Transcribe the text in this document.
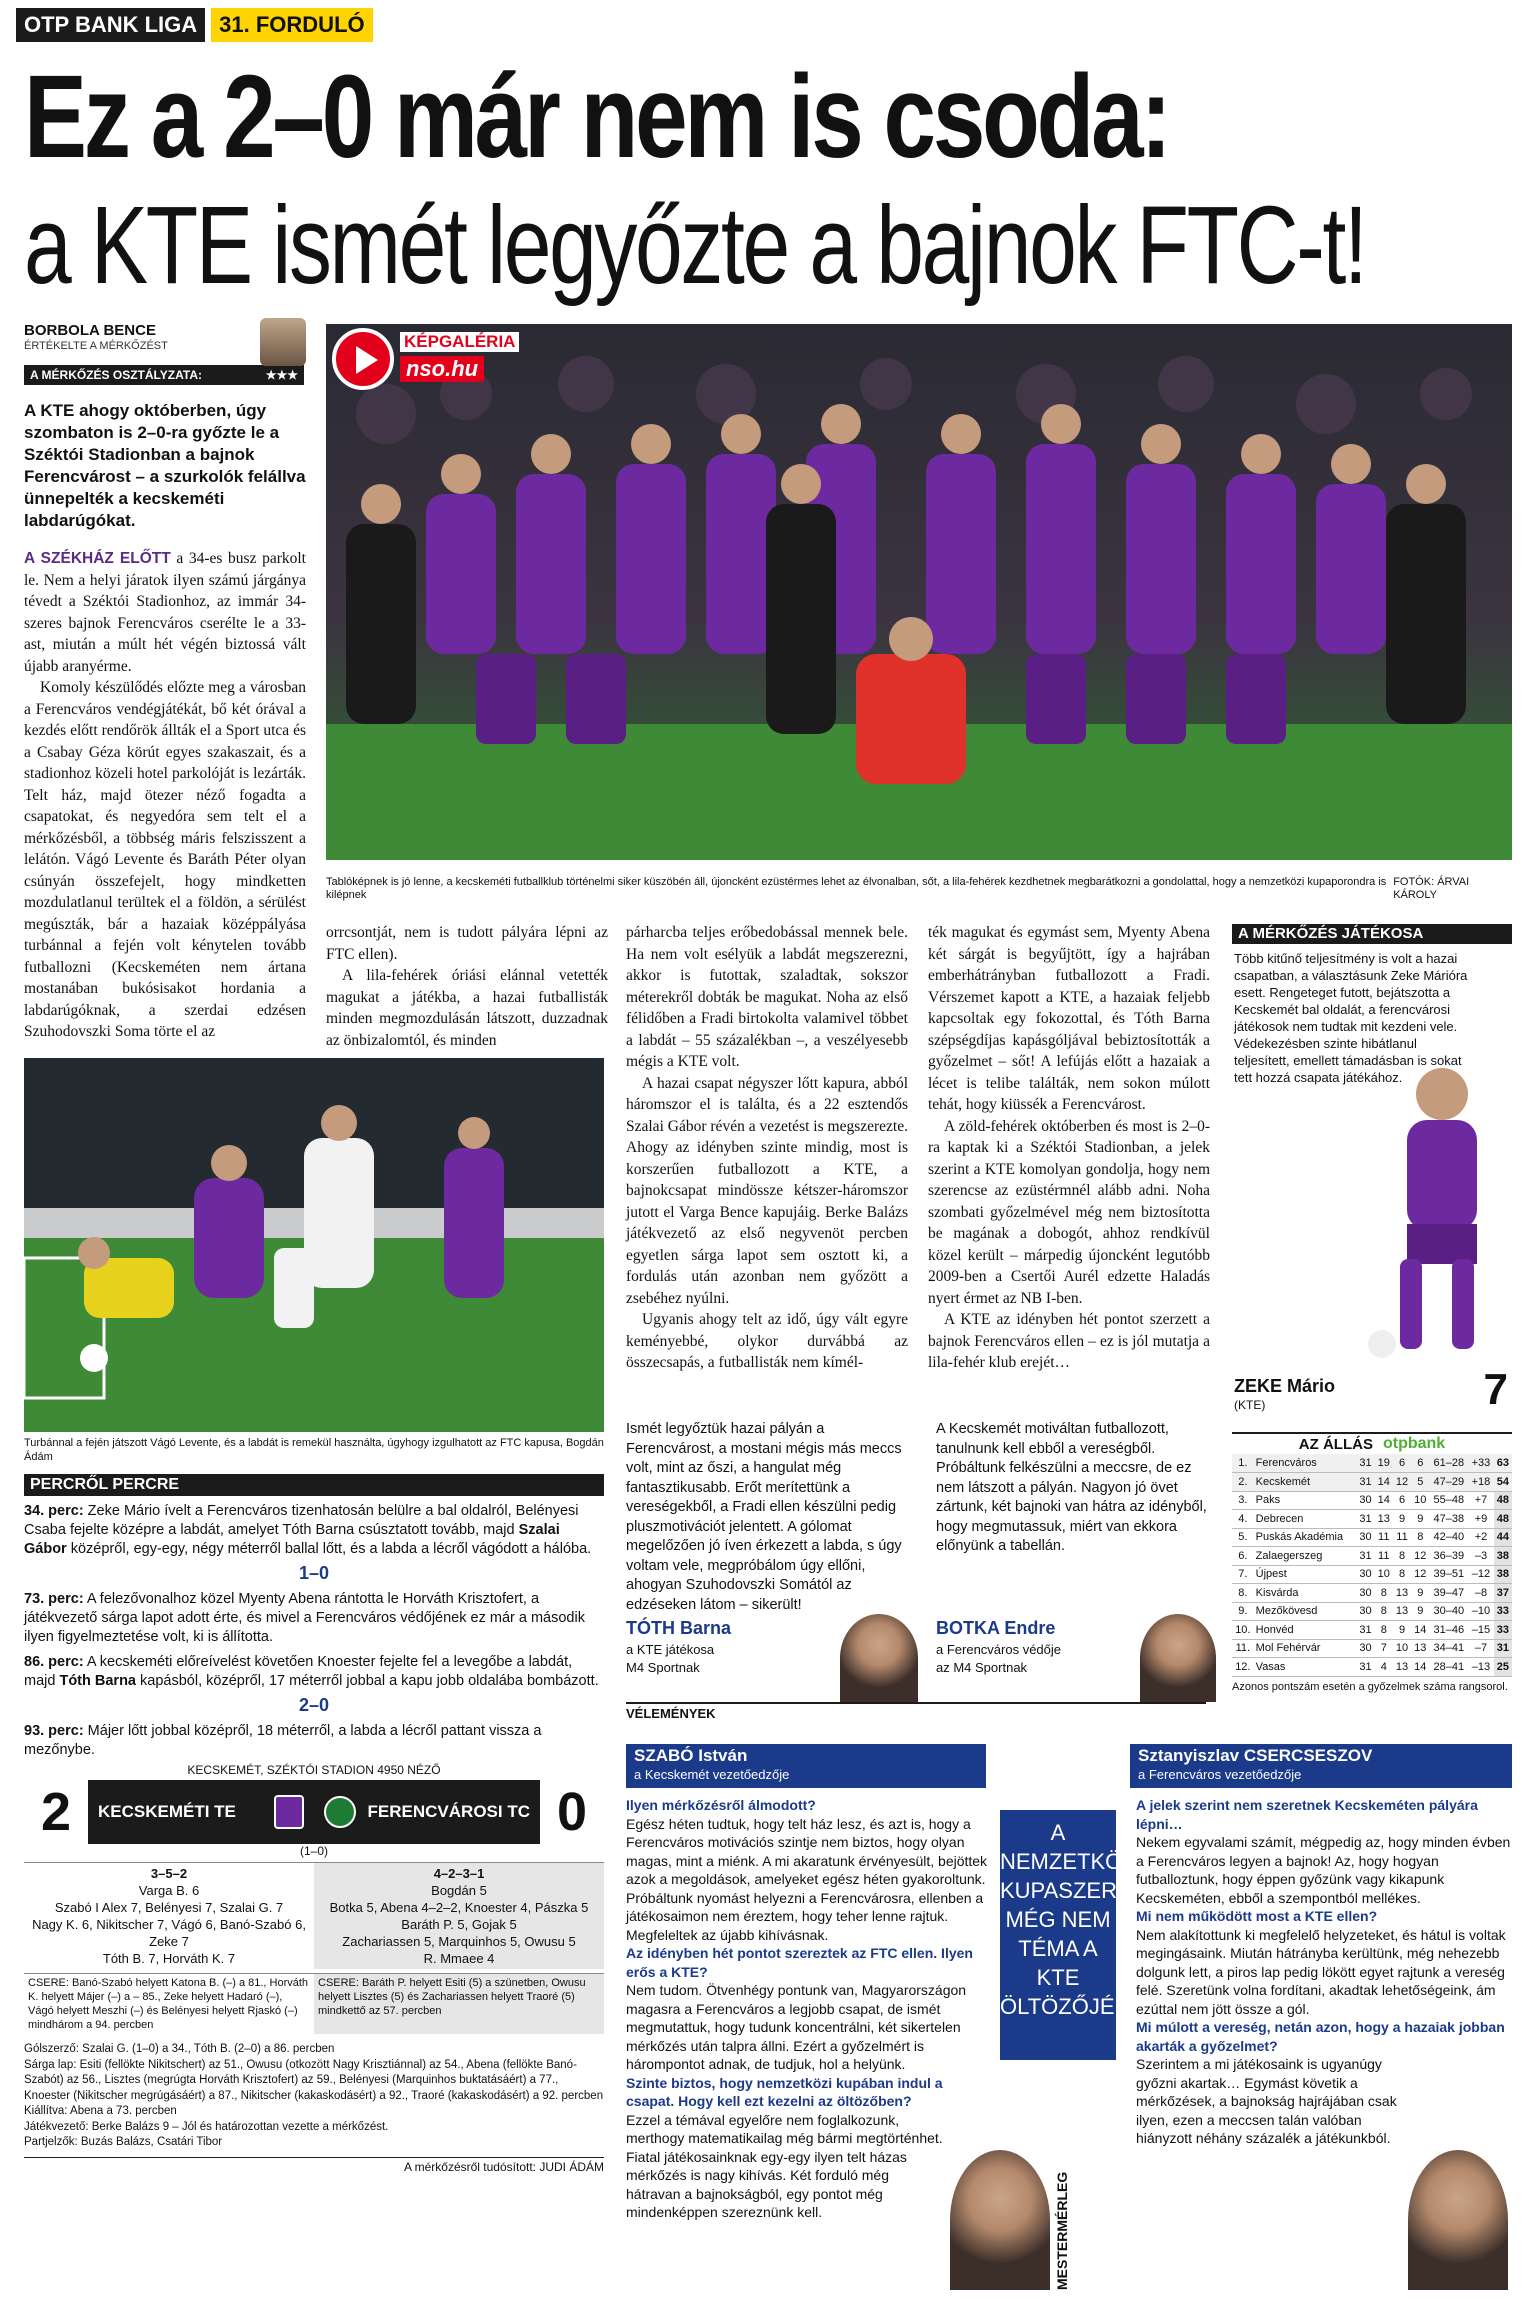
OTP BANK LIGA	31. FORDULÓ
Ez a 2–0 már nem is csoda:
a KTE ismét legyőzte a bajnok FTC-t!
BORBOLA BENCE
ÉRTÉKELTE A MÉRKŐZÉST
A MÉRKŐZÉS OSZTÁLYZATA:	★★★
A KTE ahogy októberben, úgy szombaton is 2–0-ra győzte le a Széktói Stadionban a bajnok Ferencvárost – a szurkolók felállva ünnepelték a kecskeméti labdarúgókat.

A SZÉKHÁZ ELŐTT a 34-es busz parkolt le. Nem a helyi járatok ilyen számú járgánya tévedt a Széktói Stadionhoz, az immár 34-szeres bajnok Ferencváros cserélte le a 33-ast, miután a múlt hét végén biztossá vált újabb aranyérme.

Komoly készülődés előzte meg a városban a Ferencváros vendégjátékát, bő két órával a kezdés előtt rendőrök állták el a Sport utca és a Csabay Géza körút egyes szakaszait, és a stadionhoz közeli hotel parkolóját is lezárták. Telt ház, majd ötezer néző fogadta a csapatokat, és negyedóra sem telt el a mérkőzésből, a többség máris felszisszent a lelátón. Vágó Levente és Baráth Péter olyan csúnyán összefejelt, hogy mindketten mozdulatlanul terültek el a földön, a sérülést megúszták, bár a hazaiak középpályása turbánnal a fején volt kénytelen tovább futballozni (Kecskeméten nem ártana mostanában bukósisakot hordania a labdarúgóknak, a szerdai edzésen Szuhodovszki Soma törte el az

KÉPGALÉRIA
nso.hu
Tablóképnek is jó lenne, a kecskeméti futballklub történelmi siker küszöbén áll, újoncként ezüstérmes lehet az élvonalban, sőt, a lila-fehérek kezdhetnek megbarátkozni a gondolattal, hogy a nemzetközi kupaporondra is kilépnek
FOTÓK: ÁRVAI KÁROLY

orrcsontját, nem is tudott pályára lépni az FTC ellen).

A lila-fehérek óriási elánnal vetették magukat a játékba, a hazai futballisták minden megmozdulásán látszott, duzzadnak az önbizalomtól, és minden

párharcba teljes erőbedobással mennek bele. Ha nem volt esélyük a labdát megszerezni, akkor is futottak, szaladtak, sokszor méterekről dobták be magukat. Noha az első félidőben a Fradi birtokolta valamivel többet a labdát – 55 százalékban –, a veszélyesebb mégis a KTE volt.

A hazai csapat négyszer lőtt kapura, abból háromszor el is találta, és a 22 esztendős Szalai Gábor révén a vezetést is megszerezte. Ahogy az idényben szinte mindig, most is korszerűen futballozott a KTE, a bajnokcsapat mindössze kétszer-háromszor jutott el Varga Bence kapujáig. Berke Balázs játékvezető az első negyvenöt percben egyetlen sárga lapot sem osztott ki, a fordulás után azonban nem győzött a zsebéhez nyúlni.

Ugyanis ahogy telt az idő, úgy vált egyre keményebbé, olykor durvábbá az összecsapás, a futballisták nem kímél-

ték magukat és egymást sem, Myenty Abena két sárgát is begyűjtött, így a hajrában emberhátrányban futballozott a Fradi. Vérszemet kapott a KTE, a hazaiak feljebb kapcsoltak egy fokozottal, és Tóth Barna szépségdíjas kapásgóljával bebiztosították a győzelmet – sőt! A lefújás előtt a hazaiak a lécet is telibe találták, nem sokon múlott tehát, hogy kiüssék a Ferencvárost.

A zöld-fehérek októberben és most is 2–0-ra kaptak ki a Széktói Stadionban, a jelek szerint a KTE komolyan gondolja, hogy nem szerencse az ezüstérmnél alább adni. Noha szombati győzelmével még nem biztosította be magának a dobogót, ahhoz rendkívül közel került – márpedig újoncként legutóbb 2009-ben a Csertői Aurél edzette Haladás nyert érmet az NB I-ben.

A KTE az idényben hét pontot szerzett a bajnok Ferencváros ellen – ez is jól mutatja a lila-fehér klub erejét…

Turbánnal a fején játszott Vágó Levente, és a labdát is remekül használta, úgyhogy izgulhatott az FTC kapusa, Bogdán Ádám
A MÉRKŐZÉS JÁTÉKOSA
Több kitűnő teljesítmény is volt a hazai csapatban, a választásunk Zeke Márióra esett. Rengeteget futott, bejátszotta a Kecskemét bal oldalát, a ferencvárosi játékosok nem tudtak mit kezdeni vele. Védekezésben szinte hibátlanul teljesített, emellett támadásban is sokat tett hozzá csapata játékához.
ZEKE Mário
(KTE)	7
AZ ÁLLÁS otpbank
1.	Ferencváros	31	19	6	6	61–28	+33	63
2.	Kecskemét	31	14	12	5	47–29	+18	54
3.	Paks	30	14	6	10	55–48	+7	48
4.	Debrecen	31	13	9	9	47–38	+9	48
5.	Puskás Akadémia	30	11	11	8	42–40	+2	44
6.	Zalaegerszeg	31	11	8	12	36–39	–3	38
7.	Újpest	30	10	8	12	39–51	–12	38
8.	Kisvárda	30	8	13	9	39–47	–8	37
9.	Mezőkövesd	30	8	13	9	30–40	–10	33
10.	Honvéd	31	8	9	14	31–46	–15	33
11.	Mol Fehérvár	30	7	10	13	34–41	–7	31
12.	Vasas	31	4	13	14	28–41	–13	25
Azonos pontszám esetén a győzelmek száma rangsorol.
Ismét legyőztük hazai pályán a Ferencvárost, a mostani mégis más meccs volt, mint az őszi, a hangulat még fantasztikusabb. Erőt merítettünk a vereségekből, a Fradi ellen készülni pedig pluszmotivációt jelentett. A gólomat megelőzően jó íven érkezett a labda, s úgy voltam vele, megpróbálom úgy ellőni, ahogyan Szuhodovszki Somától az edzéseken látom – sikerült!
TÓTH Barna
a KTE játékosa
M4 Sportnak
A Kecskemét motiváltan futballozott, tanulnunk kell ebből a vereségből. Próbáltunk felkészülni a meccsre, de ez nem látszott a pályán. Nagyon jó övet zártunk, két bajnoki van hátra az idényből, hogy megmutassuk, miért van ekkora előnyünk a tabellán.
BOTKA Endre
a Ferencváros védője
az M4 Sportnak
VÉLEMÉNYEK
PERCRŐL PERCRE

34. perc: Zeke Mário ívelt a Ferencváros tizenhatosán belülre a bal oldalról, Belényesi Csaba fejelte középre a labdát, amelyet Tóth Barna csúsztatott tovább, majd Szalai Gábor középről, egy-egy, négy méterről ballal lőtt, és a labda a lécről vágódott a hálóba.

1–0

73. perc: A felezővonalhoz közel Myenty Abena rántotta le Horváth Krisztofert, a játékvezető sárga lapot adott érte, és mivel a Ferencváros védőjének ez már a második ilyen figyelmeztetése volt, ki is állította.

86. perc: A kecskeméti előreívelést követően Knoester fejelte fel a levegőbe a labdát, majd Tóth Barna kapásból, középről, 17 méterről jobbal a kapu jobb oldalába bombázott.

2–0

93. perc: Májer lőtt jobbal középről, 18 méterről, a labda a lécről pattant vissza a mezőnybe.

KECSKEMÉT, SZÉKTÓI STADION 4950 NÉZŐ
2	KECSKEMÉTI TE	FERENCVÁROSI TC 0
(1–0)
3–5–2
Varga B. 6
Szabó I Alex 7, Belényesi 7, Szalai G. 7
Nagy K. 6, Nikitscher 7, Vágó 6, Banó-Szabó 6,
Zeke 7
Tóth B. 7, Horváth K. 7
4–2–3–1
Bogdán 5
Botka 5, Abena 4–2–2, Knoester 4, Pászka 5
Baráth P. 5, Gojak 5
Zachariassen 5, Marquinhos 5, Owusu 5
R. Mmaee 4
CSERE: Banó-Szabó helyett Katona B. (–) a 81., Horváth K. helyett Májer (–) a – 85., Zeke helyett Hadaró (–), Vágó helyett Meszhi (–) és Belényesi helyett Rjaskó (–) mindhárom a 94. percben
CSERE: Baráth P. helyett Esiti (5) a szünetben, Owusu helyett Lisztes (5) és Zachariassen helyett Traoré (5) mindkettő az 57. percben
Gólszerző: Szalai G. (1–0) a 34., Tóth B. (2–0) a 86. percben
Sárga lap: Esiti (fellökte Nikitschert) az 51., Owusu (otkozött Nagy Krisztiánnal) az 54., Abena (fellökte Banó-Szabót) az 56., Lisztes (megrúgta Horváth Krisztofert) az 59., Belényesi (Marquinhos buktatásáért) a 77., Knoester (Nikitscher megrúgásáért) a 87., Nikitscher (kakaskodásért) a 92., Traoré (kakaskodásért) a 92. percben
Kiállítva: Abena a 73. percben
Játékvezető: Berke Balázs 9 – Jól és határozottan vezette a mérkőzést.
Partjelzők: Buzás Balázs, Csatári Tibor
A mérkőzésről tudósított: JUDI ÁDÁM
SZABÓ István
a Kecskemét vezetőedzője
Ilyen mérkőzésről álmodott?
Egész héten tudtuk, hogy telt ház lesz, és azt is, hogy a Ferencváros motivációs szintje nem biztos, hogy olyan magas, mint a miénk. A mi akaratunk érvényesült, bejöttek azok a megoldások, amelyeket egész héten gyakoroltunk. Próbáltunk nyomást helyezni a Ferencvárosra, ellenben a játékosaimon nem éreztem, hogy teher lenne rajtuk. Megfeleltek az újabb kihívásnak.
Az idényben hét pontot szereztek az FTC ellen. Ilyen erős a KTE?
Nem tudom. Ötvenhégy pontunk van, Magyarországon magasra a Ferencváros a legjobb csapat, de ismét megmutattuk, hogy tudunk koncentrálni, két sikertelen mérkőzés után talpra állni. Ezért a győzelmért is hárompontot adnak, de tudjuk, hol a helyünk.
Szinte biztos, hogy nemzetközi kupában indul a csapat. Hogy kell ezt kezelni az öltözőben?
Ezzel a témával egyelőre nem foglalkozunk, merthogy matematikailag még bármi megtörténhet. Fiatal játékosainknak egy-egy ilyen telt házas mérkőzés is nagy kihívás. Két forduló még hátravan a bajnokságból, egy pontot még mindenképpen szereznünk kell.
A NEMZETKÖZI KUPASZEREPLÉS MÉG NEM TÉMA A KTE ÖLTÖZŐJÉBEN.
MESTERMÉRLEG
Sztanyiszlav CSERCSESZOV
a Ferencváros vezetőedzője
A jelek szerint nem szeretnek Kecskeméten pályára lépni…
Nekem egyvalami számít, mégpedig az, hogy minden évben a Ferencváros legyen a bajnok! Az, hogy hogyan futballoztunk, hogy éppen győzünk vagy kikapunk Kecskeméten, ebből a szempontból mellékes.
Mi nem működött most a KTE ellen?
Nem alakítottunk ki megfelelő helyzeteket, és hátul is voltak megingásaink. Miután hátrányba kerültünk, még nehezebb dolgunk lett, a piros lap pedig lökött egyet rajtunk a vereség felé. Szeretünk volna fordítani, akadtak lehetőségeink, ám ezúttal nem jött össze a gól.
Mi múlott a vereség, netán azon, hogy a hazaiak jobban akarták a győzelmet?
Szerintem a mi játékosaink is ugyanúgy győzni akartak… Egymást követik a mérkőzések, a bajnokság hajrájában csak ilyen, ezen a meccsen talán valóban hiányzott néhány százalék a játékunkból.
